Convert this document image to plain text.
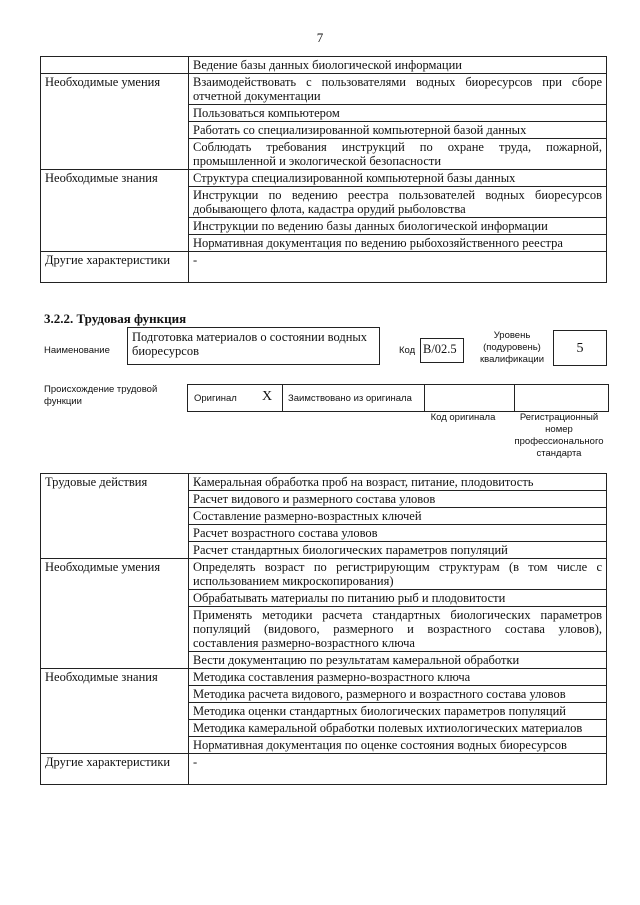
7
	Ведение базы данных биологической информации
Необходимые умения	Взаимодействовать с пользователями водных биоресурсов при сборе отчетной документации
	Пользоваться компьютером
	Работать со специализированной компьютерной базой данных
	Соблюдать требования инструкций по охране труда, пожарной, промышленной и экологической безопасности
Необходимые знания	Структура специализированной компьютерной базы данных
	Инструкции по ведению реестра пользователей водных биоресурсов добывающего флота, кадастра орудий рыболовства
	Инструкции по ведению базы данных биологической информации
	Нормативная документация по ведению рыбохозяйственного реестра
Другие характеристики	-
3.2.2. Трудовая функция
Наименование
Подготовка материалов о состоянии водных биоресурсов	Код B/02.5
Уровень (подуровень) квалификации
5
Происхождение трудовой функции	Оригинал X Заимствовано из оригинала
Код оригинала	Регистрационный номер профессионального стандарта
Трудовые действия	Камеральная обработка проб на возраст, питание, плодовитость
	Расчет видового и размерного состава уловов
	Составление размерно-возрастных ключей
	Расчет возрастного состава уловов
	Расчет стандартных биологических параметров популяций
Необходимые умения	Определять возраст по регистрирующим структурам (в том числе с использованием микроскопирования)
	Обрабатывать материалы по питанию рыб и плодовитости
	Применять методики расчета стандартных биологических параметров популяций (видового, размерного и возрастного состава уловов), составления размерно-возрастного ключа
	Вести документацию по результатам камеральной обработки
Необходимые знания	Методика составления размерно-возрастного ключа
	Методика расчета видового, размерного и возрастного состава уловов
	Методика оценки стандартных биологических параметров популяций
	Методика камеральной обработки полевых ихтиологических материалов
	Нормативная документация по оценке состояния водных биоресурсов
Другие характеристики	-
